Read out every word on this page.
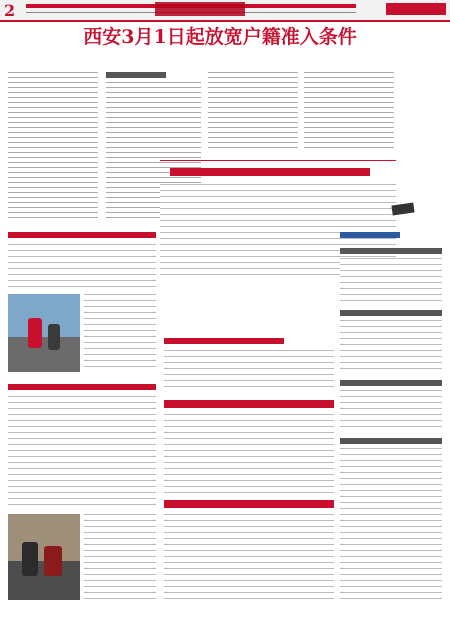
2
西安3月1日起放宽户籍准入条件
